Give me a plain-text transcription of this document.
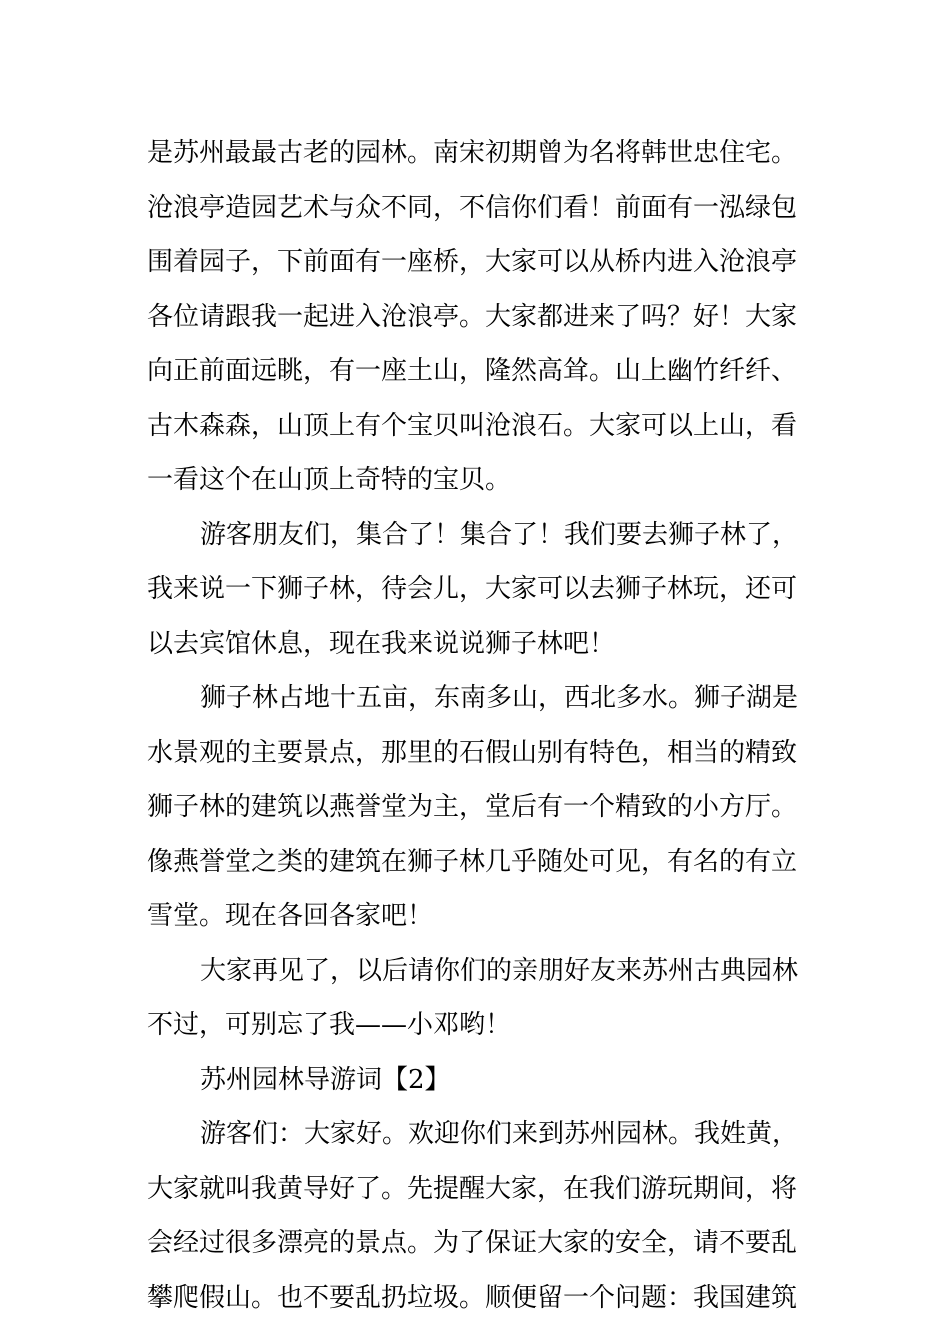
是苏州最最古老的园林。南宋初期曾为名将韩世忠住宅。
沧浪亭造园艺术与众不同，不信你们看！前面有一泓绿包
围着园子，下前面有一座桥，大家可以从桥内进入沧浪亭
各位请跟我一起进入沧浪亭。大家都进来了吗？好！大家
向正前面远眺，有一座土山，隆然高耸。山上幽竹纤纤、
古木森森，山顶上有个宝贝叫沧浪石。大家可以上山，看
一看这个在山顶上奇特的宝贝。
游客朋友们，集合了！集合了！我们要去狮子林了，
我来说一下狮子林，待会儿，大家可以去狮子林玩，还可
以去宾馆休息，现在我来说说狮子林吧！
狮子林占地十五亩，东南多山，西北多水。狮子湖是
水景观的主要景点，那里的石假山别有特色，相当的精致
狮子林的建筑以燕誉堂为主，堂后有一个精致的小方厅。
像燕誉堂之类的建筑在狮子林几乎随处可见，有名的有立
雪堂。现在各回各家吧！
大家再见了，以后请你们的亲朋好友来苏州古典园林
不过，可别忘了我——小邓哟！
苏州园林导游词【2】
游客们：大家好。欢迎你们来到苏州园林。我姓黄，
大家就叫我黄导好了。先提醒大家，在我们游玩期间，将
会经过很多漂亮的景点。为了保证大家的安全，请不要乱
攀爬假山。也不要乱扔垃圾。顺便留一个问题：我国建筑
